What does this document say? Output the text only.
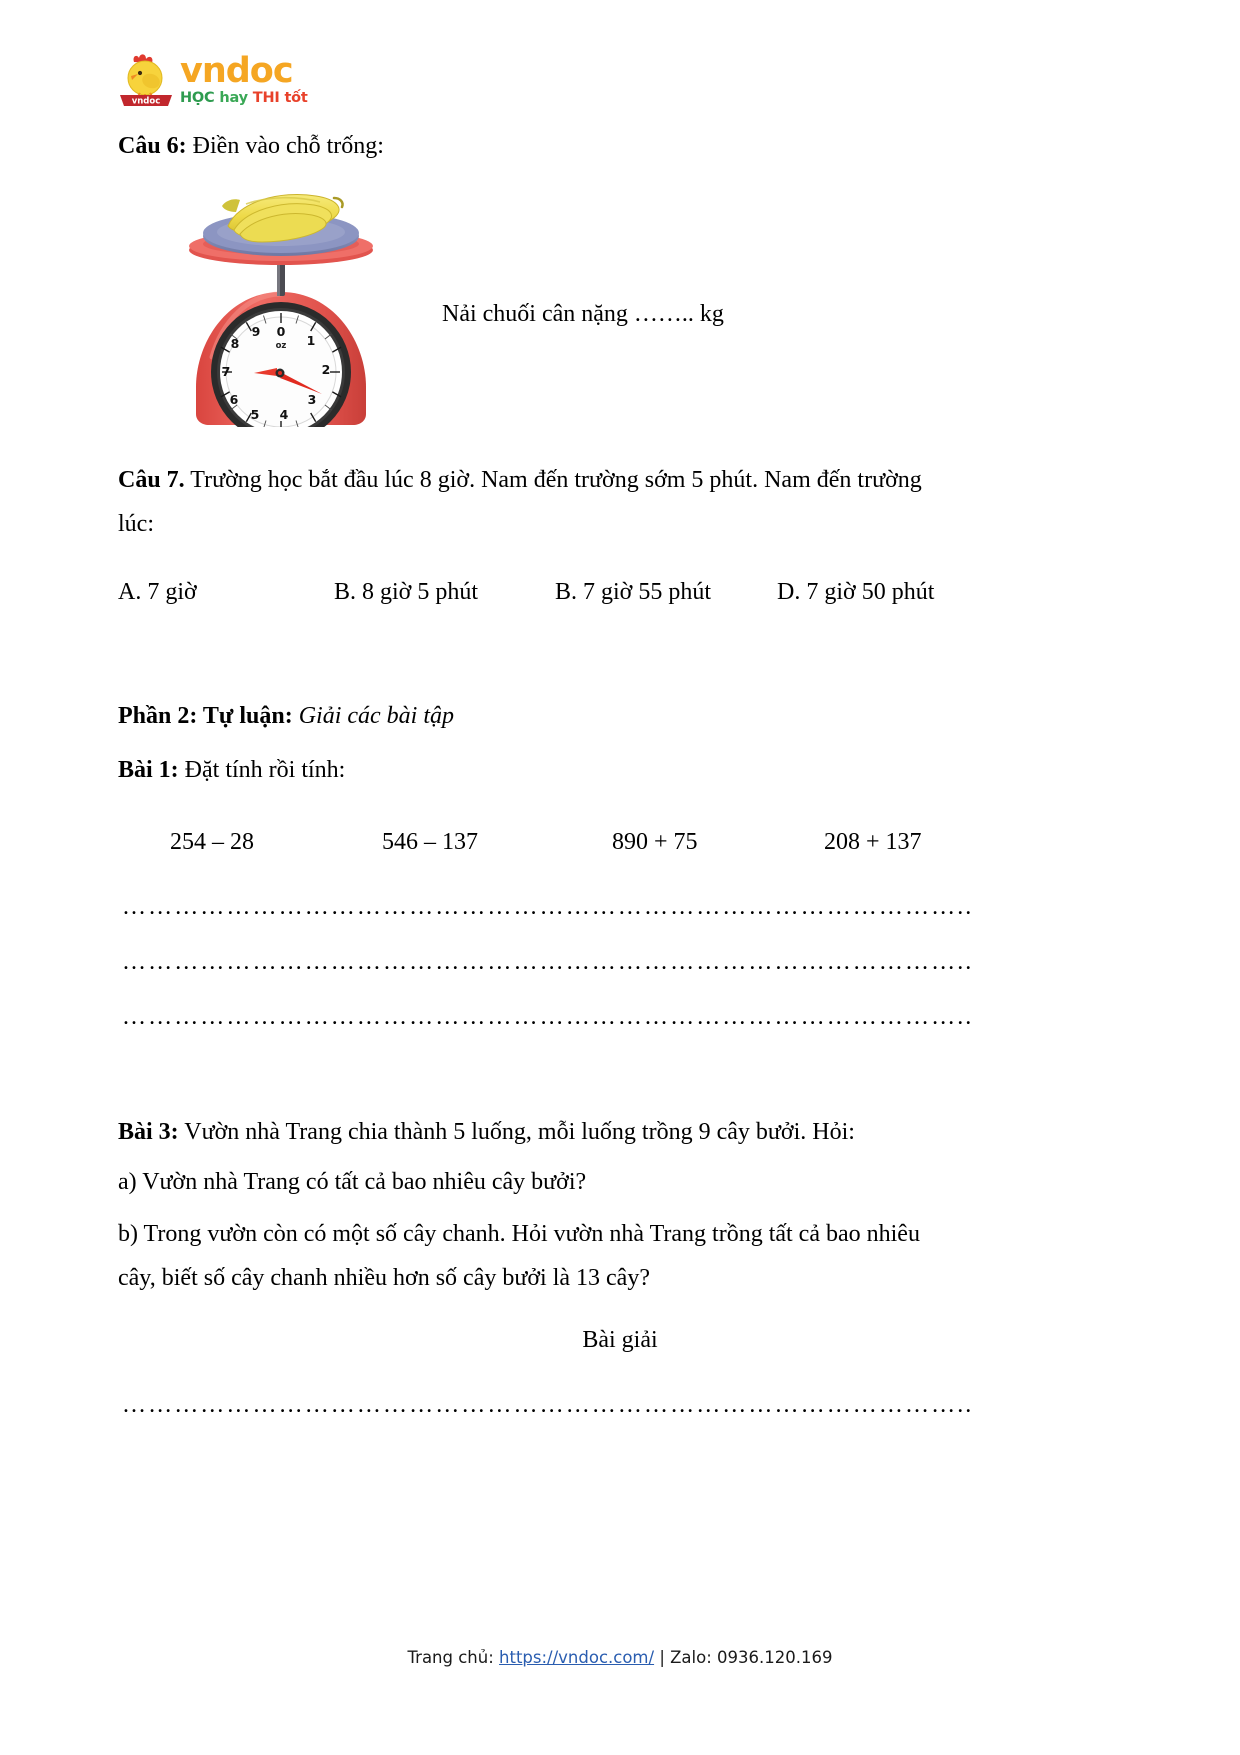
vndoc
vndoc
HỌC hay THI tốt
Câu 6: Điền vào chỗ trống:
0
1
2
3
4
5
6
7
8
9
oz
Nải chuối cân nặng …….. kg
Câu 7. Trường học bắt đầu lúc 8 giờ. Nam đến trường sớm 5 phút. Nam đến trường
lúc:
A. 7 giờ	B. 8 giờ 5 phút	B. 7 giờ 55 phút	D. 7 giờ 50 phút
Phần 2: Tự luận: Giải các bài tập
Bài 1: Đặt tính rồi tính:
254 – 28	546 – 137	890 + 75	208 + 137
……………………………………………………………………………………..
……………………………………………………………………………………..
……………………………………………………………………………………..
Bài 3: Vườn nhà Trang chia thành 5 luống, mỗi luống trồng 9 cây bưởi. Hỏi:
a) Vườn nhà Trang có tất cả bao nhiêu cây bưởi?
b) Trong vườn còn có một số cây chanh. Hỏi vườn nhà Trang trồng tất cả bao nhiêu
cây, biết số cây chanh nhiều hơn số cây bưởi là 13 cây?
Bài giải
……………………………………………………………………………………..
Trang chủ: https://vndoc.com/ | Zalo: 0936.120.169
